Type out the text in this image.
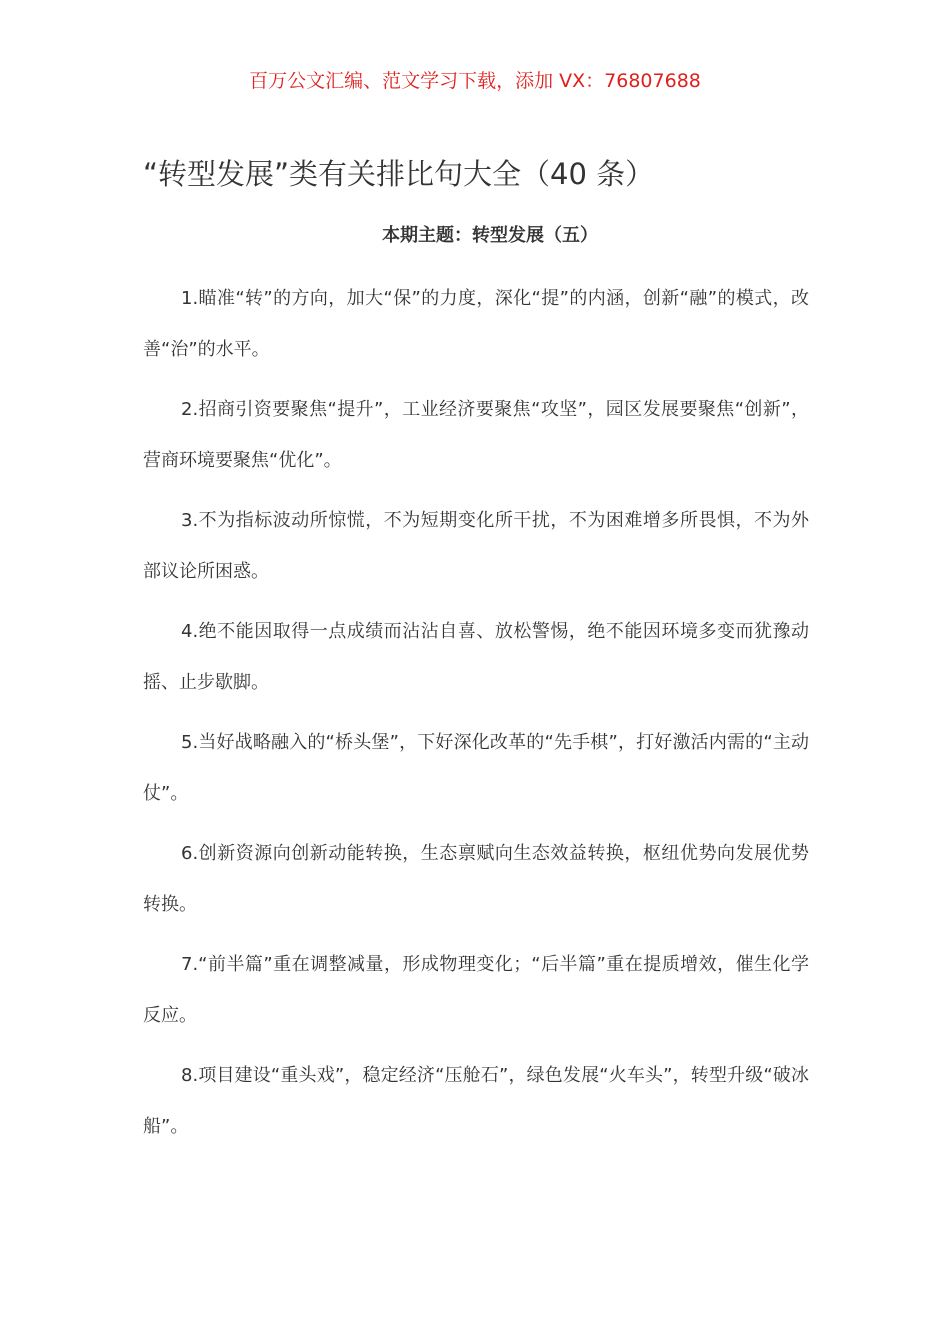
百万公文汇编、范文学习下载，添加 VX：76807688
“转型发展”类有关排比句大全（40 条）
本期主题：转型发展（五）

1.瞄准“转”的方向，加大“保”的力度，深化“提”的内涵，创新“融”的模式，改善“治”的水平。

2.招商引资要聚焦“提升”，工业经济要聚焦“攻坚”，园区发展要聚焦“创新”，营商环境要聚焦“优化”。

3.不为指标波动所惊慌，不为短期变化所干扰，不为困难增多所畏惧，不为外部议论所困惑。

4.绝不能因取得一点成绩而沾沾自喜、放松警惕，绝不能因环境多变而犹豫动摇、止步歇脚。

5.当好战略融入的“桥头堡”，下好深化改革的“先手棋”，打好激活内需的“主动仗”。

6.创新资源向创新动能转换，生态禀赋向生态效益转换，枢纽优势向发展优势转换。

7.“前半篇”重在调整减量，形成物理变化；“后半篇”重在提质增效，催生化学反应。

8.项目建设“重头戏”，稳定经济“压舱石”，绿色发展“火车头”，转型升级“破冰船”。
